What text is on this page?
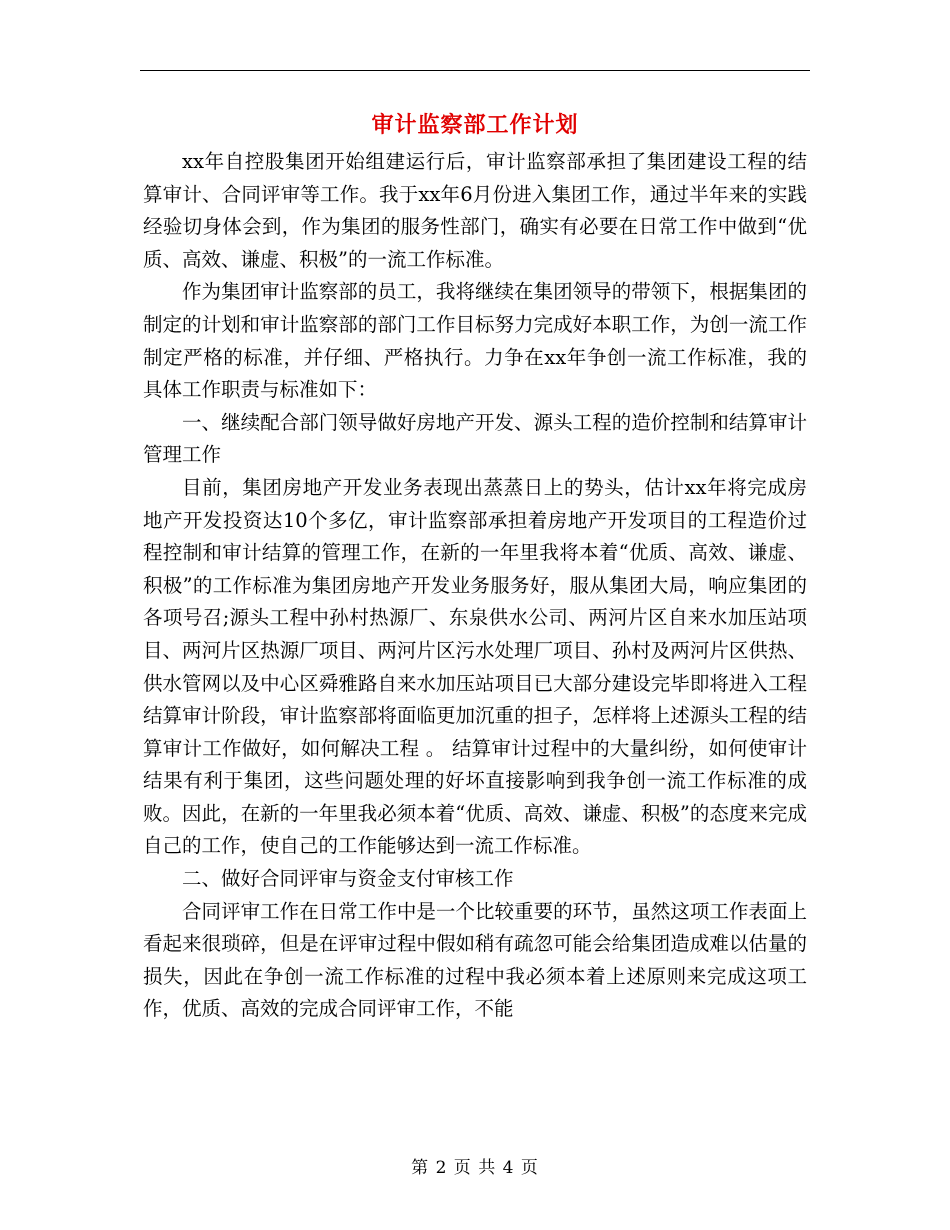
审计监察部工作计划

xx年自控股集团开始组建运行后，审计监察部承担了集团建设工程的结算审计、合同评审等工作。我于xx年6月份进入集团工作，通过半年来的实践经验切身体会到，作为集团的服务性部门，确实有必要在日常工作中做到“优质、高效、谦虚、积极”的一流工作标准。

作为集团审计监察部的员工，我将继续在集团领导的带领下，根据集团的制定的计划和审计监察部的部门工作目标努力完成好本职工作，为创一流工作制定严格的标准，并仔细、严格执行。力争在xx年争创一流工作标准，我的具体工作职责与标准如下：

一、继续配合部门领导做好房地产开发、源头工程的造价控制和结算审计管理工作

目前，集团房地产开发业务表现出蒸蒸日上的势头，估计xx年将完成房地产开发投资达10个多亿，审计监察部承担着房地产开发项目的工程造价过程控制和审计结算的管理工作，在新的一年里我将本着“优质、高效、谦虚、积极”的工作标准为集团房地产开发业务服务好，服从集团大局，响应集团的各项号召;源头工程中孙村热源厂、东泉供水公司、两河片区自来水加压站项目、两河片区热源厂项目、两河片区污水处理厂项目、孙村及两河片区供热、供水管网以及中心区舜雅路自来水加压站项目已大部分建设完毕即将进入工程结算审计阶段，审计监察部将面临更加沉重的担子，怎样将上述源头工程的结算审计工作做好，如何解决工程 。 结算审计过程中的大量纠纷，如何使审计结果有利于集团，这些问题处理的好坏直接影响到我争创一流工作标准的成败。因此，在新的一年里我必须本着“优质、高效、谦虚、积极”的态度来完成自己的工作，使自己的工作能够达到一流工作标准。

二、做好合同评审与资金支付审核工作

合同评审工作在日常工作中是一个比较重要的环节，虽然这项工作表面上看起来很琐碎，但是在评审过程中假如稍有疏忽可能会给集团造成难以估量的损失，因此在争创一流工作标准的过程中我必须本着上述原则来完成这项工作，优质、高效的完成合同评审工作，不能

第 2 页 共 4 页
